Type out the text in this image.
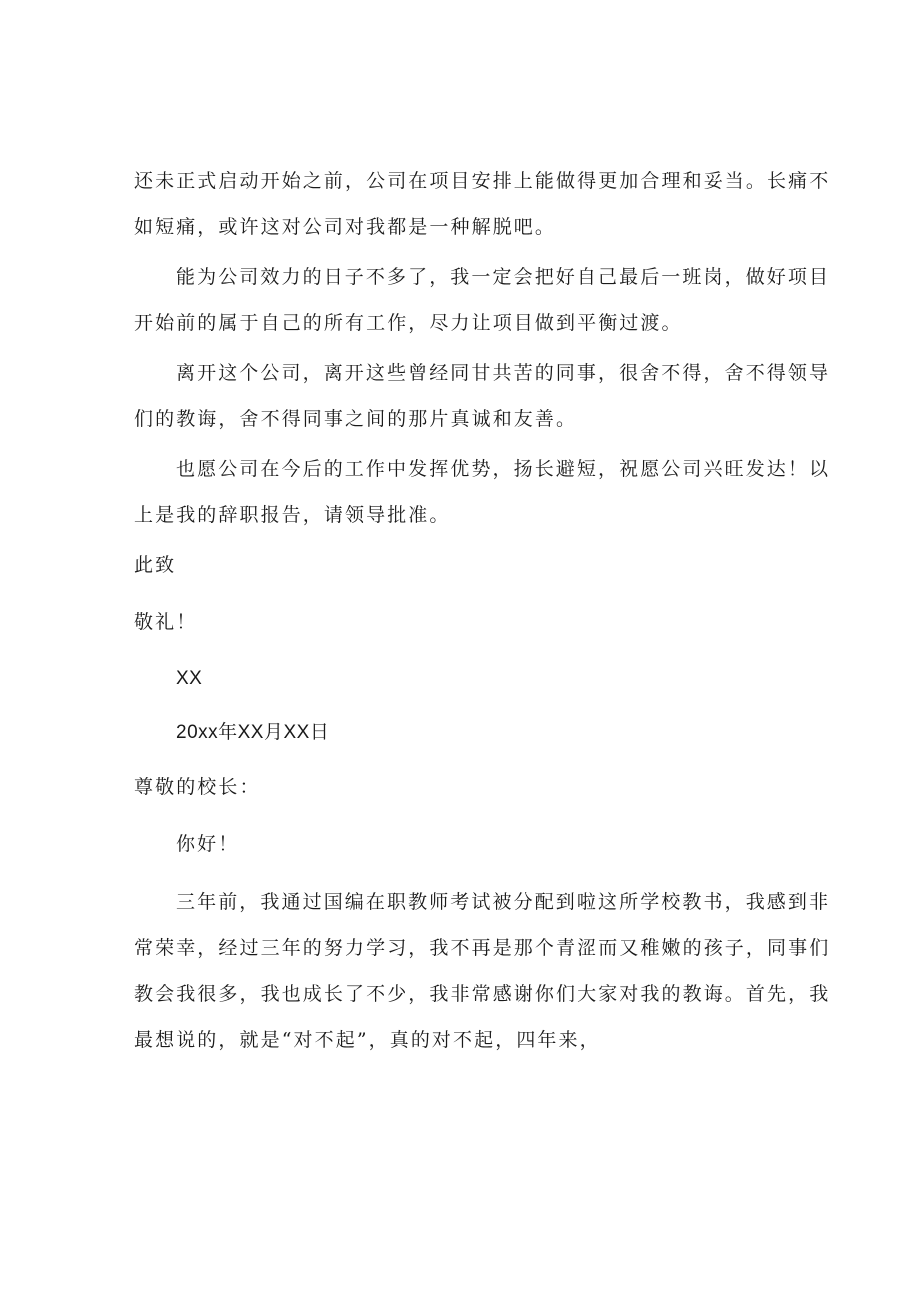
还未正式启动开始之前，公司在项目安排上能做得更加合理和妥当。长痛不
如短痛，或许这对公司对我都是一种解脱吧。
能为公司效力的日子不多了，我一定会把好自己最后一班岗，做好项目
开始前的属于自己的所有工作，尽力让项目做到平衡过渡。
离开这个公司，离开这些曾经同甘共苦的同事，很舍不得，舍不得领导
们的教诲，舍不得同事之间的那片真诚和友善。
也愿公司在今后的工作中发挥优势，扬长避短，祝愿公司兴旺发达！以
上是我的辞职报告，请领导批准。

此致

敬礼！

XX

20xx年XX月XX日

尊敬的校长：

你好！

三年前，我通过国编在职教师考试被分配到啦这所学校教书，我感到非
常荣幸，经过三年的努力学习，我不再是那个青涩而又稚嫩的孩子，同事们
教会我很多，我也成长了不少，我非常感谢你们大家对我的教诲。首先，我
最想说的，就是“对不起”，真的对不起，四年来，
